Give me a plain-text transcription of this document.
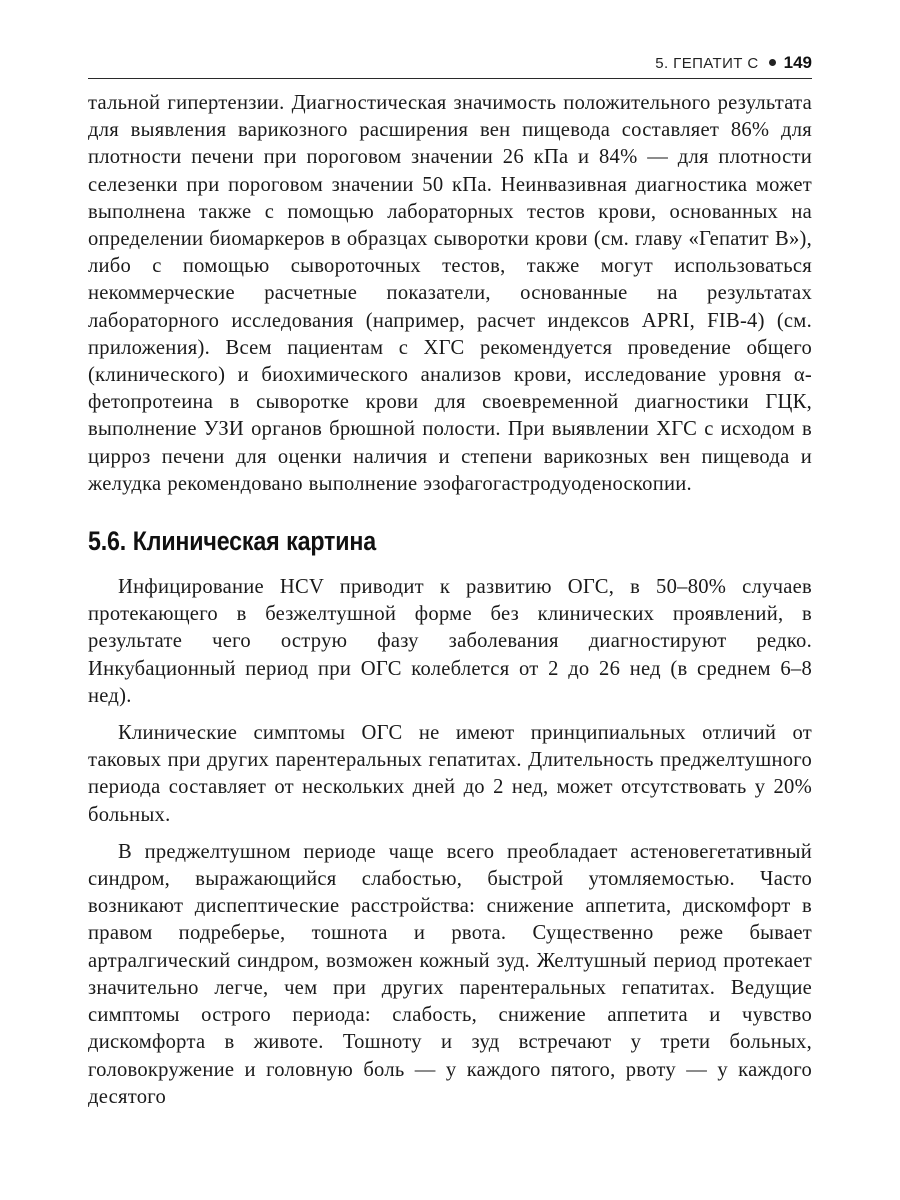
5. ГЕПАТИТ С 149

тальной гипертензии. Диагностическая значимость положительного результата для выявления варикозного расширения вен пищевода составляет 86% для плотности печени при пороговом значении 26 кПа и 84% — для плотности селезенки при пороговом значении 50 кПа. Неинвазивная диагностика может выполнена также с помощью лабораторных тестов крови, основанных на определении биомаркеров в образцах сыворотки крови (см. главу «Гепатит B»), либо с помощью сывороточных тестов, также могут использоваться некоммерческие расчетные показатели, основанные на результатах лабораторного исследования (например, расчет индексов APRI, FIB-4) (см. приложения). Всем пациентам с ХГС рекомендуется проведение общего (клинического) и биохимического анализов крови, исследование уровня α-фетопротеина в сыворотке крови для своевременной диагностики ГЦК, выполнение УЗИ органов брюшной полости. При выявлении ХГС с исходом в цирроз печени для оценки наличия и степени варикозных вен пищевода и желудка рекомендовано выполнение эзофагогастродуоденоскопии.

5.6. Клиническая картина

Инфицирование HCV приводит к развитию ОГС, в 50–80% случаев протекающего в безжелтушной форме без клинических проявлений, в результате чего острую фазу заболевания диагностируют редко. Инкубационный период при ОГС колеблется от 2 до 26 нед (в среднем 6–8 нед).

Клинические симптомы ОГС не имеют принципиальных отличий от таковых при других парентеральных гепатитах. Длительность преджелтушного периода составляет от нескольких дней до 2 нед, может отсутствовать у 20% больных.

В преджелтушном периоде чаще всего преобладает астеновегетативный синдром, выражающийся слабостью, быстрой утомляемостью. Часто возникают диспептические расстройства: снижение аппетита, дискомфорт в правом подреберье, тошнота и рвота. Существенно реже бывает артралгический синдром, возможен кожный зуд. Желтушный период протекает значительно легче, чем при других парентеральных гепатитах. Ведущие симптомы острого периода: слабость, снижение аппетита и чувство дискомфорта в животе. Тошноту и зуд встречают у трети больных, головокружение и головную боль — у каждого пятого, рвоту — у каждого десятого
